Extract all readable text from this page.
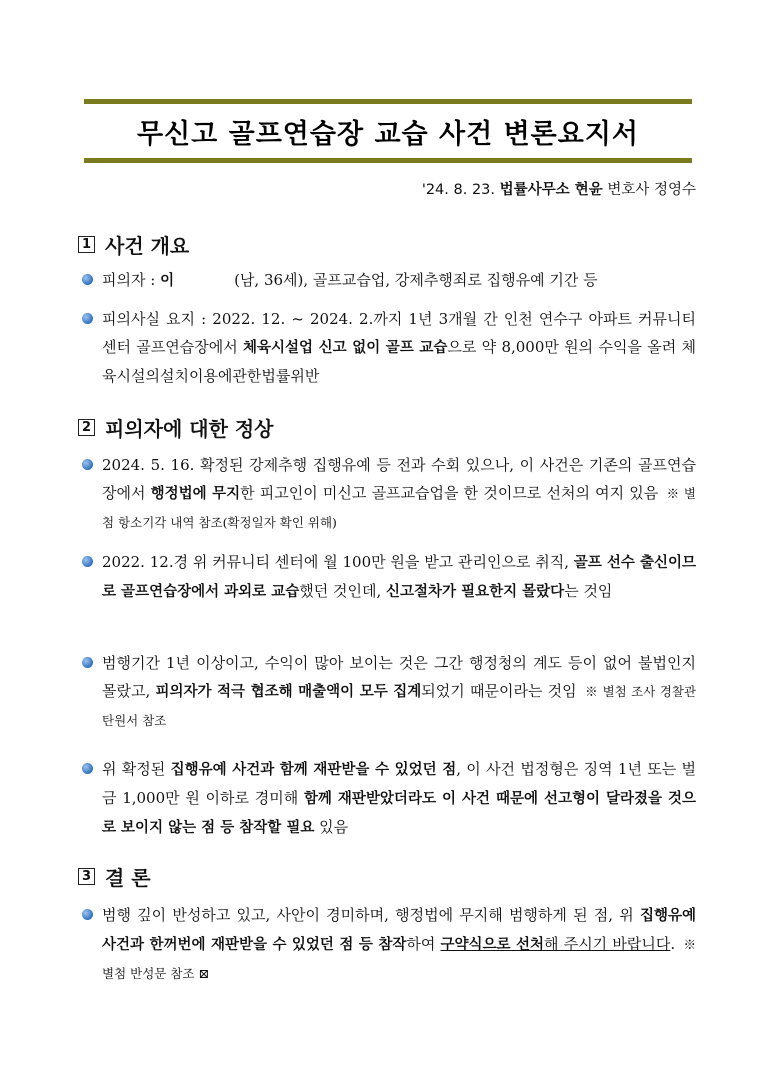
무신고 골프연습장 교습 사건 변론요지서
'24. 8. 23. 법률사무소 현윤 변호사 정영수
1 사건 개요
피의자 : 이	(남, 36세), 골프교습업, 강제추행죄로 집행유예 기간 등
피의사실 요지 : 2022. 12. ~ 2024. 2.까지 1년 3개월 간 인천 연수구 아파트 커뮤니티 센터 골프연습장에서 체육시설업 신고 없이 골프 교습으로 약 8,000만 원의 수익을 올려 체육시설의설치이용에관한법률위반
2 피의자에 대한 정상
2024. 5. 16. 확정된 강제추행 집행유예 등 전과 수회 있으나, 이 사건은 기존의 골프연습장에서 행정법에 무지한 피고인이 미신고 골프교습업을 한 것이므로 선처의 여지 있음 ※ 별첨 항소기각 내역 참조(확정일자 확인 위해)
2022. 12.경 위 커뮤니티 센터에 월 100만 원을 받고 관리인으로 취직, 골프 선수 출신이므로 골프연습장에서 과외로 교습했던 것인데, 신고절차가 필요한지 몰랐다는 것임
범행기간 1년 이상이고, 수익이 많아 보이는 것은 그간 행정청의 계도 등이 없어 불법인지 몰랐고, 피의자가 적극 협조해 매출액이 모두 집계되었기 때문이라는 것임 ※ 별첨 조사 경찰관 탄원서 참조
위 확정된 집행유예 사건과 함께 재판받을 수 있었던 점, 이 사건 법정형은 징역 1년 또는 벌금 1,000만 원 이하로 경미해 함께 재판받았더라도 이 사건 때문에 선고형이 달라졌을 것으로 보이지 않는 점 등 참작할 필요 있음
3 결 론
범행 깊이 반성하고 있고, 사안이 경미하며, 행정법에 무지해 범행하게 된 점, 위 집행유예 사건과 한꺼번에 재판받을 수 있었던 점 등 참작하여 구약식으로 선처해 주시기 바랍니다. ※ 별첨 반성문 참조 ⊠
